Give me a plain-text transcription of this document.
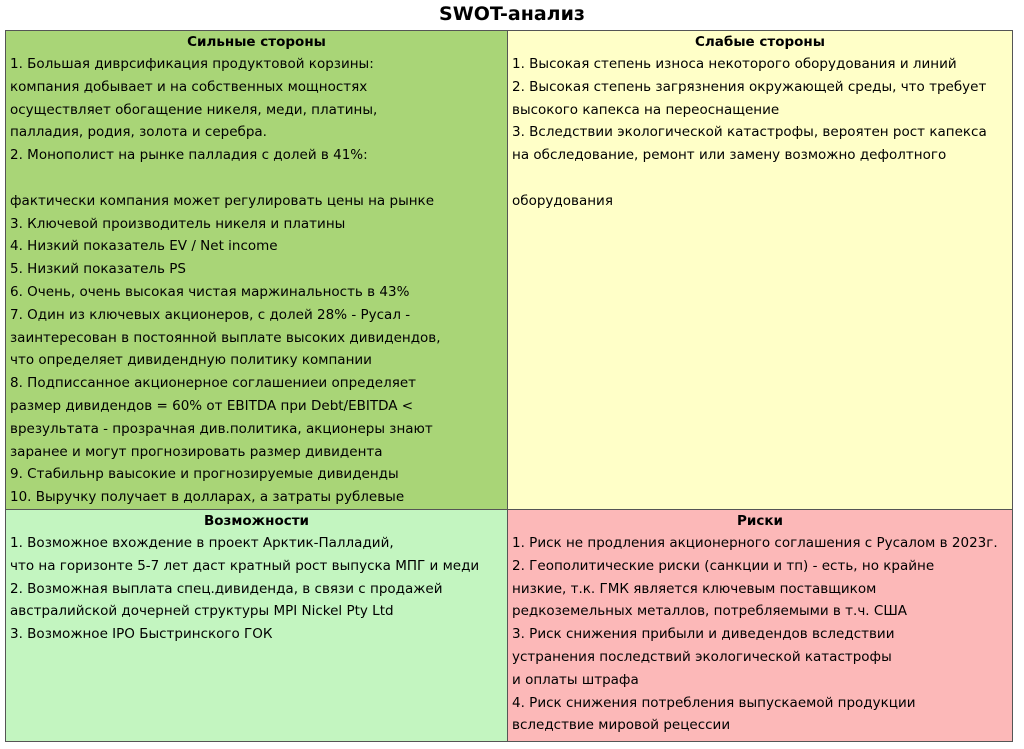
SWOT-анализ
Сильные стороны
1. Большая диврсификация продуктовой корзины:
компания добывает и на собственных мощностях
осуществляет обогащение никеля, меди, платины,
палладия, родия, золота и серебра.
2. Монополист на рынке палладия с долей в 41%:
фактически компания может регулировать цены на рынке
3. Ключевой производитель никеля и платины
4. Низкий показатель EV / Net income
5. Низкий показатель PS
6. Очень, очень высокая чистая маржинальность в 43%
7. Один из ключевых акционеров, с долей 28% - Русал -
заинтересован в постоянной выплате высоких дивидендов,
что определяет дивидендную политику компании
8. Подписсанное акционерное соглашениеи определяет
размер дивидендов = 60% от EBITDA при Debt/EBITDA <
врезультата - прозрачная див.политика, акционеры знают
заранее и могут прогнозировать размер дивидента
9. Стабильнр ваысокие и прогнозируемые дивиденды
10. Выручку получает в долларах, а затраты рублевые
Слабые стороны
1. Высокая степень износа некоторого оборудования и линий
2. Высокая степень загрязнения окружающей среды, что требует
высокого капекса на переоснащение
3. Вследствии экологической катастрофы, вероятен рост капекса
на обследование, ремонт или замену возможно дефолтного
оборудования
Возможности
1. Возможное вхождение в проект Арктик-Палладий,
что на горизонте 5-7 лет даст кратный рост выпуска МПГ и меди
2. Возможная выплата спец.дивиденда, в связи с продажей
австралийской дочерней структуры MPI Nickel Pty Ltd
3. Возможное IPO Быстринского ГОК
Риски
1. Риск не продления акционерного соглашения с Русалом в 2023г.
2. Геополитические риски (санкции и тп) - есть, но крайне
низкие, т.к. ГМК является ключевым поставщиком
редкоземельных металлов, потребляемыми в т.ч. США
3. Риск снижения прибыли и диведендов вследствии
устранения последствий экологической катастрофы
и оплаты штрафа
4. Риск снижения потребления выпускаемой продукции
вследствие мировой рецессии
